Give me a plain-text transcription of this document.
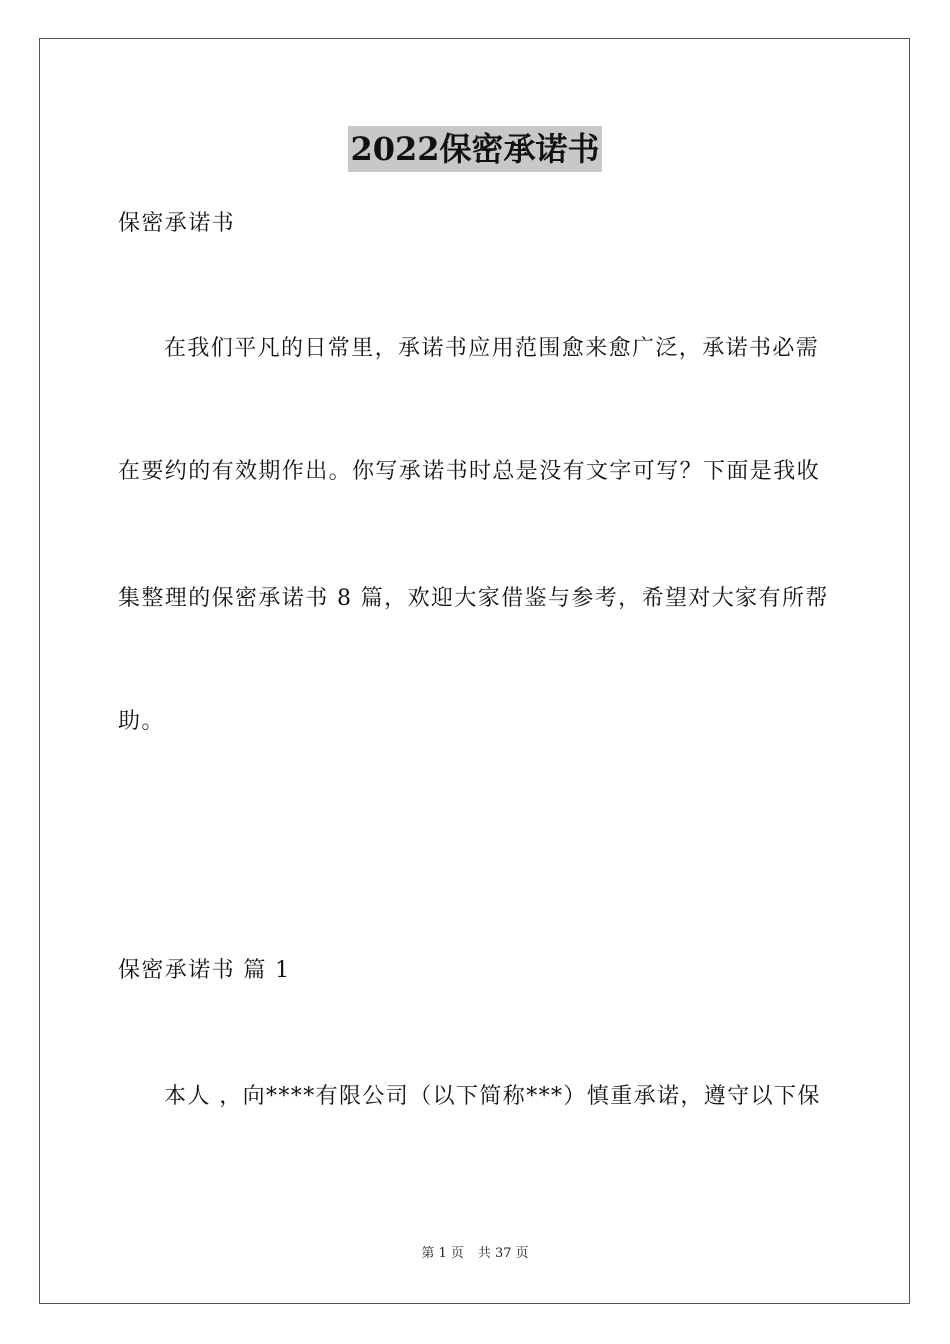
2022保密承诺书
保密承诺书
在我们平凡的日常里，承诺书应用范围愈来愈广泛，承诺书必需
在要约的有效期作出。你写承诺书时总是没有文字可写？下面是我收
集整理的保密承诺书 8 篇，欢迎大家借鉴与参考，希望对大家有所帮
助。
保密承诺书 篇 1
本人 ，向****有限公司（以下简称***）慎重承诺，遵守以下保
第 1 页 共 37 页
